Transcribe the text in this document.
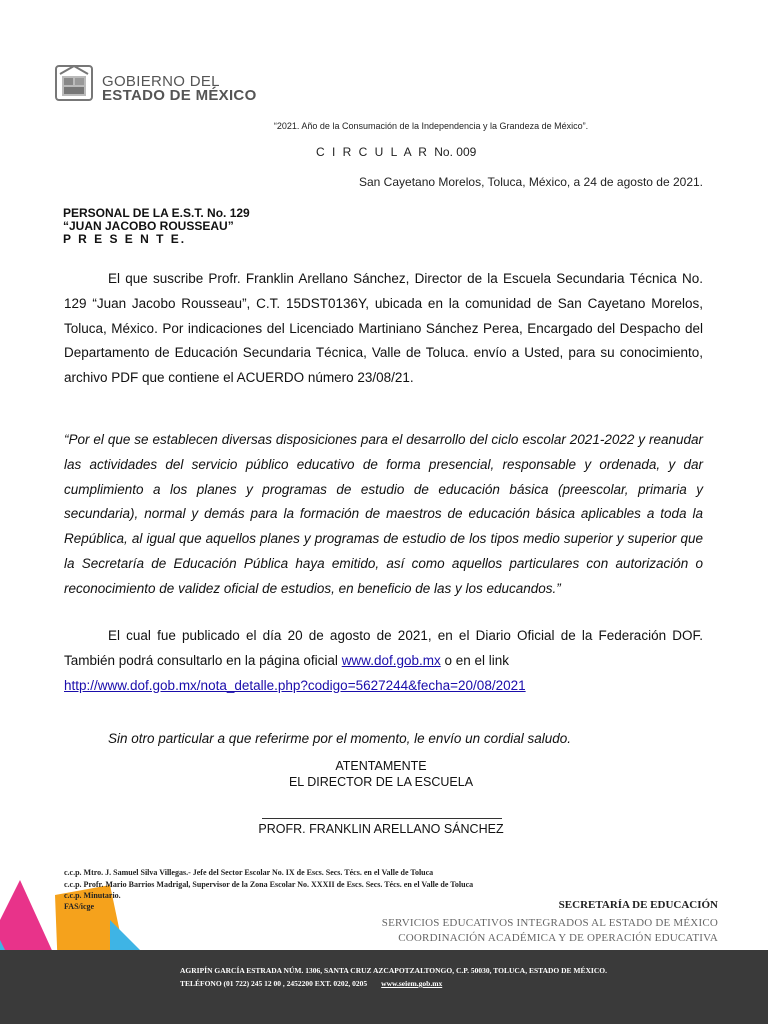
GOBIERNO DEL
ESTADO DE MÉXICO
“2021. Año de la Consumación de la Independencia y la Grandeza de México”.
C I R C U L A R No. 009
San Cayetano Morelos, Toluca, México, a 24 de agosto de 2021.
PERSONAL DE LA E.S.T. No. 129
“JUAN JACOBO ROUSSEAU”
P R E S E N T E.
El que suscribe Profr. Franklin Arellano Sánchez, Director de la Escuela Secundaria Técnica No. 129 “Juan Jacobo Rousseau”, C.T. 15DST0136Y, ubicada en la comunidad de San Cayetano Morelos, Toluca, México. Por indicaciones del Licenciado Martiniano Sánchez Perea, Encargado del Despacho del Departamento de Educación Secundaria Técnica, Valle de Toluca. envío a Usted, para su conocimiento, archivo PDF que contiene el ACUERDO número 23/08/21.
“Por el que se establecen diversas disposiciones para el desarrollo del ciclo escolar 2021-2022 y reanudar las actividades del servicio público educativo de forma presencial, responsable y ordenada, y dar cumplimiento a los planes y programas de estudio de educación básica (preescolar, primaria y secundaria), normal y demás para la formación de maestros de educación básica aplicables a toda la República, al igual que aquellos planes y programas de estudio de los tipos medio superior y superior que la Secretaría de Educación Pública haya emitido, así como aquellos particulares con autorización o reconocimiento de validez oficial de estudios, en beneficio de las y los educandos.”
El cual fue publicado el día 20 de agosto de 2021, en el Diario Oficial de la Federación DOF. También podrá consultarlo en la página oficial www.dof.gob.mx o en el link
http://www.dof.gob.mx/nota_detalle.php?codigo=5627244&fecha=20/08/2021
Sin otro particular a que referirme por el momento, le envío un cordial saludo.
ATENTAMENTE
EL DIRECTOR DE LA ESCUELA
PROFR. FRANKLIN ARELLANO SÁNCHEZ
c.c.p. Mtro. J. Samuel Silva Villegas.- Jefe del Sector Escolar No. IX de Escs. Secs. Técs. en el Valle de Toluca
c.c.p. Profr. Mario Barrios Madrigal, Supervisor de la Zona Escolar No. XXXII de Escs. Secs. Técs. en el Valle de Toluca
c.c.p. Minutario.
FAS/icge	SECRETARÍA DE EDUCACIÓN
SERVICIOS EDUCATIVOS INTEGRADOS AL ESTADO DE MÉXICO
COORDINACIÓN ACADÉMICA Y DE OPERACIÓN EDUCATIVA
AGRIPÍN GARCÍA ESTRADA NÚM. 1306, SANTA CRUZ AZCAPOTZALTONGO, C.P. 50030, TOLUCA, ESTADO DE MÉXICO.
TELÉFONO (01 722) 245 12 00 , 2452200 EXT. 0202, 0205 www.seiem.gob.mx
